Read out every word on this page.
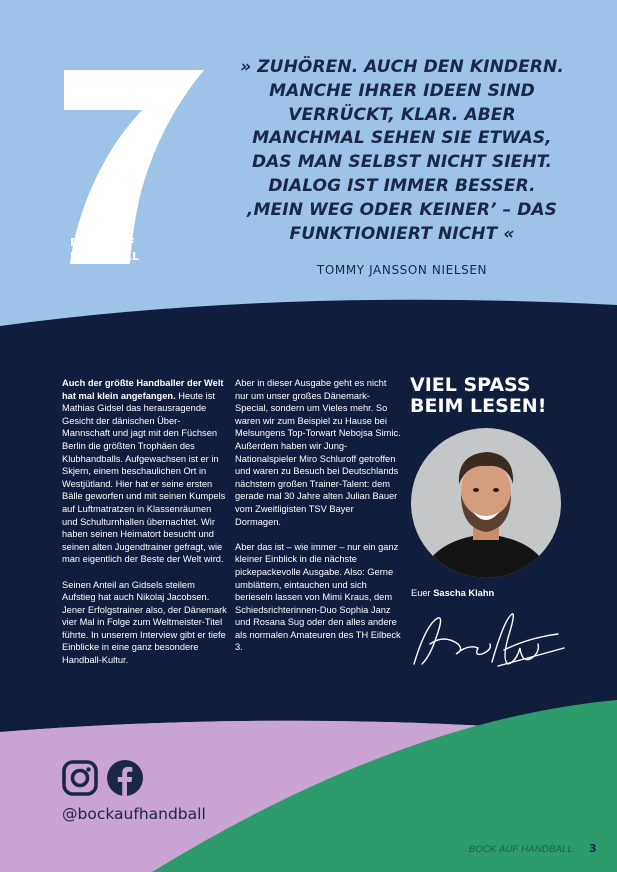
BOCK AUF
HANDBALL
» ZUHÖREN. AUCH DEN KINDERN.
MANCHE IHRER IDEEN SIND
VERRÜCKT, KLAR. ABER
MANCHMAL SEHEN SIE ETWAS,
DAS MAN SELBST NICHT SIEHT.
DIALOG IST IMMER BESSER.
‚MEIN WEG ODER KEINER’ – DAS
FUNKTIONIERT NICHT «
TOMMY JANSSON NIELSEN

Auch der größte Handballer der Welt hat mal klein angefangen. Heute ist Mathias Gidsel das herausragende Gesicht der dänischen Über-Mannschaft und jagt mit den Füchsen Berlin die größten Trophäen des Klubhandballs. Aufgewachsen ist er in Skjern, einem beschaulichen Ort in Westjütland. Hier hat er seine ersten Bälle geworfen und mit seinen Kumpels auf Luftmatratzen in Klassenräumen und Schulturnhallen übernachtet. Wir haben seinen Heimatort besucht und seinen alten Jugendtrainer gefragt, wie man eigentlich der Beste der Welt wird.

Seinen Anteil an Gidsels steilem Aufstieg hat auch Nikolaj Jacobsen. Jener Erfolgstrainer also, der Dänemark vier Mal in Folge zum Weltmeister-Titel führte. In unserem Interview gibt er tiefe Einblicke in eine ganz besondere Handball-Kultur.

Aber in dieser Ausgabe geht es nicht nur um unser großes Dänemark-Special, sondern um Vieles mehr. So waren wir zum Beispiel zu Hause bei Melsungens Top-Torwart Nebojsa Simic. Außerdem haben wir Jung-Nationalspieler Miro Schluroff getroffen und waren zu Besuch bei Deutschlands nächstem großen Trainer-Talent: dem gerade mal 30 Jahre alten Julian Bauer vom Zweitligisten TSV Bayer Dormagen.

Aber das ist – wie immer – nur ein ganz kleiner Einblick in die nächste pickepackevolle Ausgabe. Also: Gerne umblättern, eintauchen und sich berieseln lassen von Mimi Kraus, dem Schiedsrichterinnen-Duo Sophia Janz und Rosana Sug oder den alles andere als normalen Amateuren des TH Eilbeck 3.

VIEL SPASS
BEIM LESEN!
Euer Sascha Klahn
@bockaufhandball
BOCK AUF HANDBALL 3
